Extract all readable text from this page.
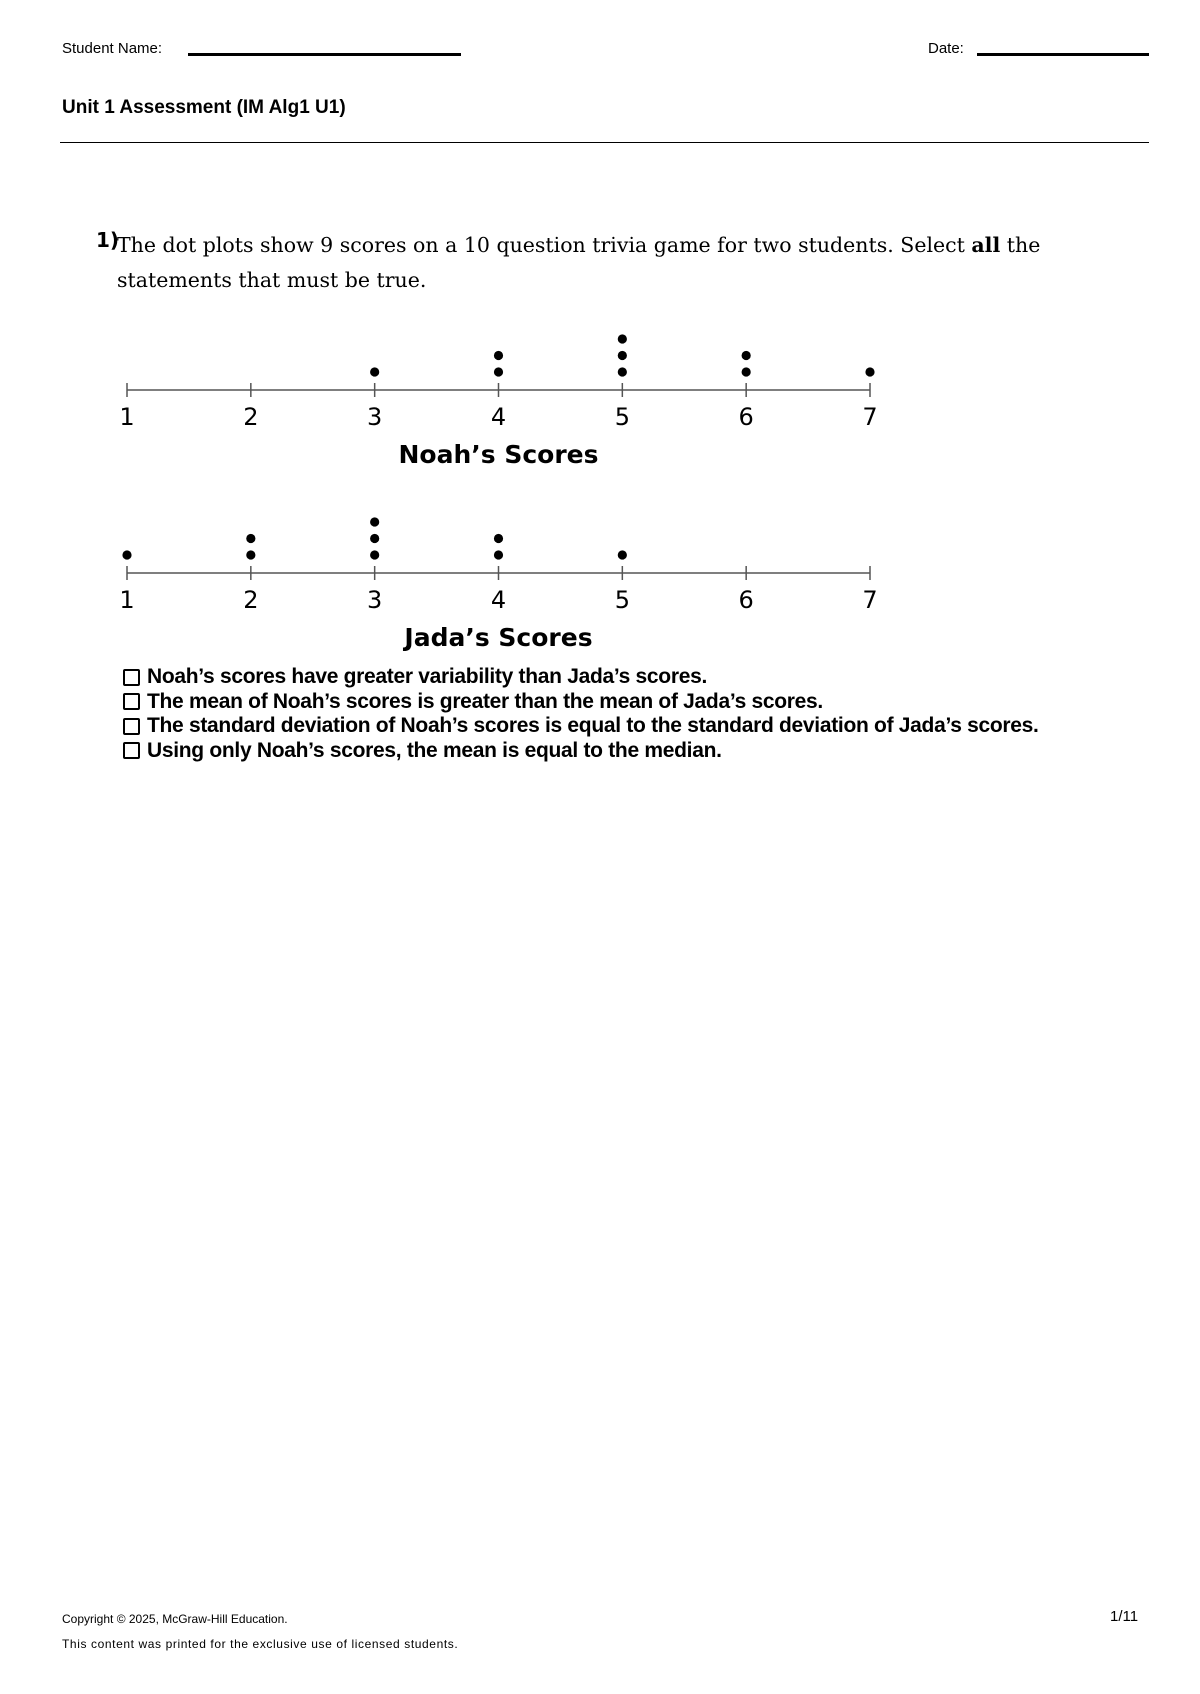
Student Name:	Date:
Unit 1 Assessment (IM Alg1 U1)
1)
The dot plots show 9 scores on a 10 question trivia game for two students. Select all the statements that must be true.
1	2	3	4	5	6	7
Noah’s Scores
1	2	3	4	5	6	7
Jada’s Scores
Noah’s scores have greater variability than Jada’s scores.
The mean of Noah’s scores is greater than the mean of Jada’s scores.
The standard deviation of Noah’s scores is equal to the standard deviation of Jada’s scores.
Using only Noah’s scores, the mean is equal to the median.
Copyright © 2025, McGraw-Hill Education.
This content was printed for the exclusive use of licensed students.
1/11
